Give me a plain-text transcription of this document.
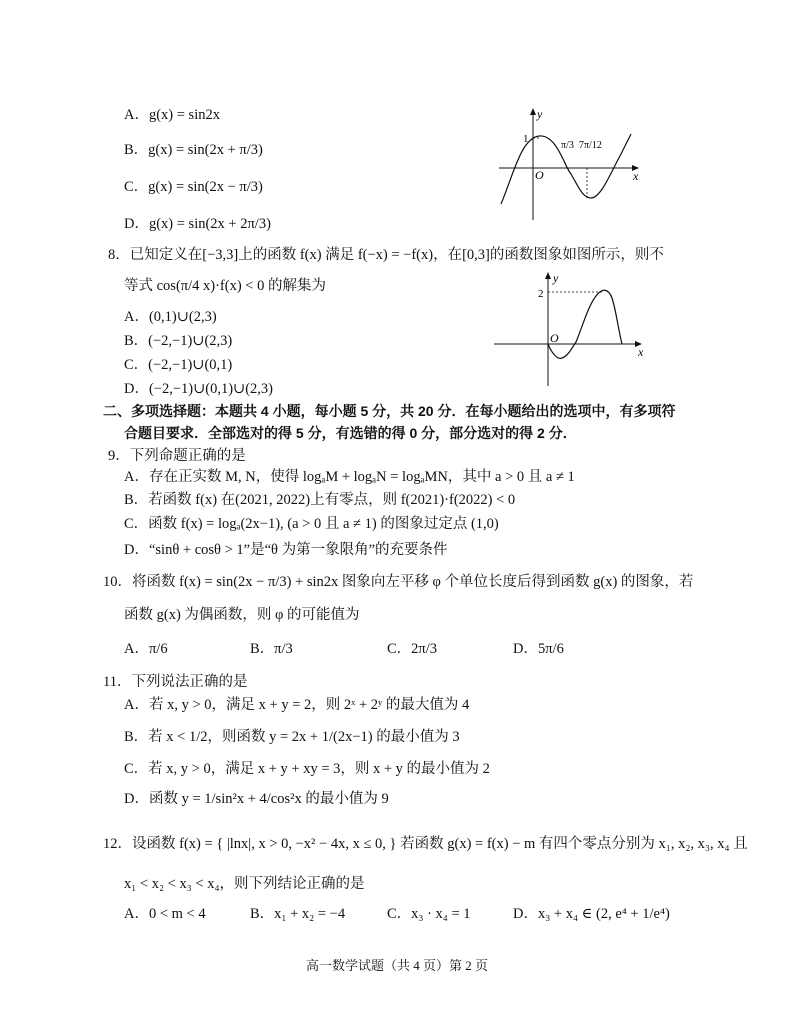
A．g(x) = sin2x
B．g(x) = sin(2x + π/3)
C．g(x) = sin(2x − π/3)
D．g(x) = sin(2x + 2π/3)
y
x
O
1
π/3 7π/12
8．已知定义在[−3,3]上的函数 f(x) 满足 f(−x) = −f(x)，在[0,3]的函数图象如图所示，则不
等式 cos(π/4 x)·f(x) < 0 的解集为
A．(0,1)∪(2,3)
B．(−2,−1)∪(2,3)
C．(−2,−1)∪(0,1)
D．(−2,−1)∪(0,1)∪(2,3)
y
x
O
2
二、多项选择题：本题共 4 小题，每小题 5 分，共 20 分．在每小题给出的选项中，有多项符
合题目要求．全部选对的得 5 分，有选错的得 0 分，部分选对的得 2 分．
9．下列命题正确的是
A．存在正实数 M, N，使得 logₐM + logₐN = logₐMN，其中 a > 0 且 a ≠ 1
B．若函数 f(x) 在(2021, 2022)上有零点，则 f(2021)·f(2022) < 0
C．函数 f(x) = logₐ(2x−1), (a > 0 且 a ≠ 1) 的图象过定点 (1,0)
D．“sinθ + cosθ > 1”是“θ 为第一象限角”的充要条件
10．将函数 f(x) = sin(2x − π/3) + sin2x 图象向左平移 φ 个单位长度后得到函数 g(x) 的图象，若
函数 g(x) 为偶函数，则 φ 的可能值为
A．π/6	B．π/3	C．2π/3	D．5π/6
11．下列说法正确的是
A．若 x, y > 0，满足 x + y = 2，则 2ˣ + 2ʸ 的最大值为 4
B．若 x < 1/2，则函数 y = 2x + 1/(2x−1) 的最小值为 3
C．若 x, y > 0，满足 x + y + xy = 3，则 x + y 的最小值为 2
D．函数 y = 1/sin²x + 4/cos²x 的最小值为 9
12．设函数 f(x) = { |lnx|, x > 0, −x² − 4x, x ≤ 0, } 若函数 g(x) = f(x) − m 有四个零点分别为 x₁, x₂, x₃, x₄ 且
x₁ < x₂ < x₃ < x₄，则下列结论正确的是
A．0 < m < 4	B．x₁ + x₂ = −4	C．x₃ · x₄ = 1	D．x₃ + x₄ ∈ (2, e⁴ + 1/e⁴)
高一数学试题（共 4 页）第 2 页
